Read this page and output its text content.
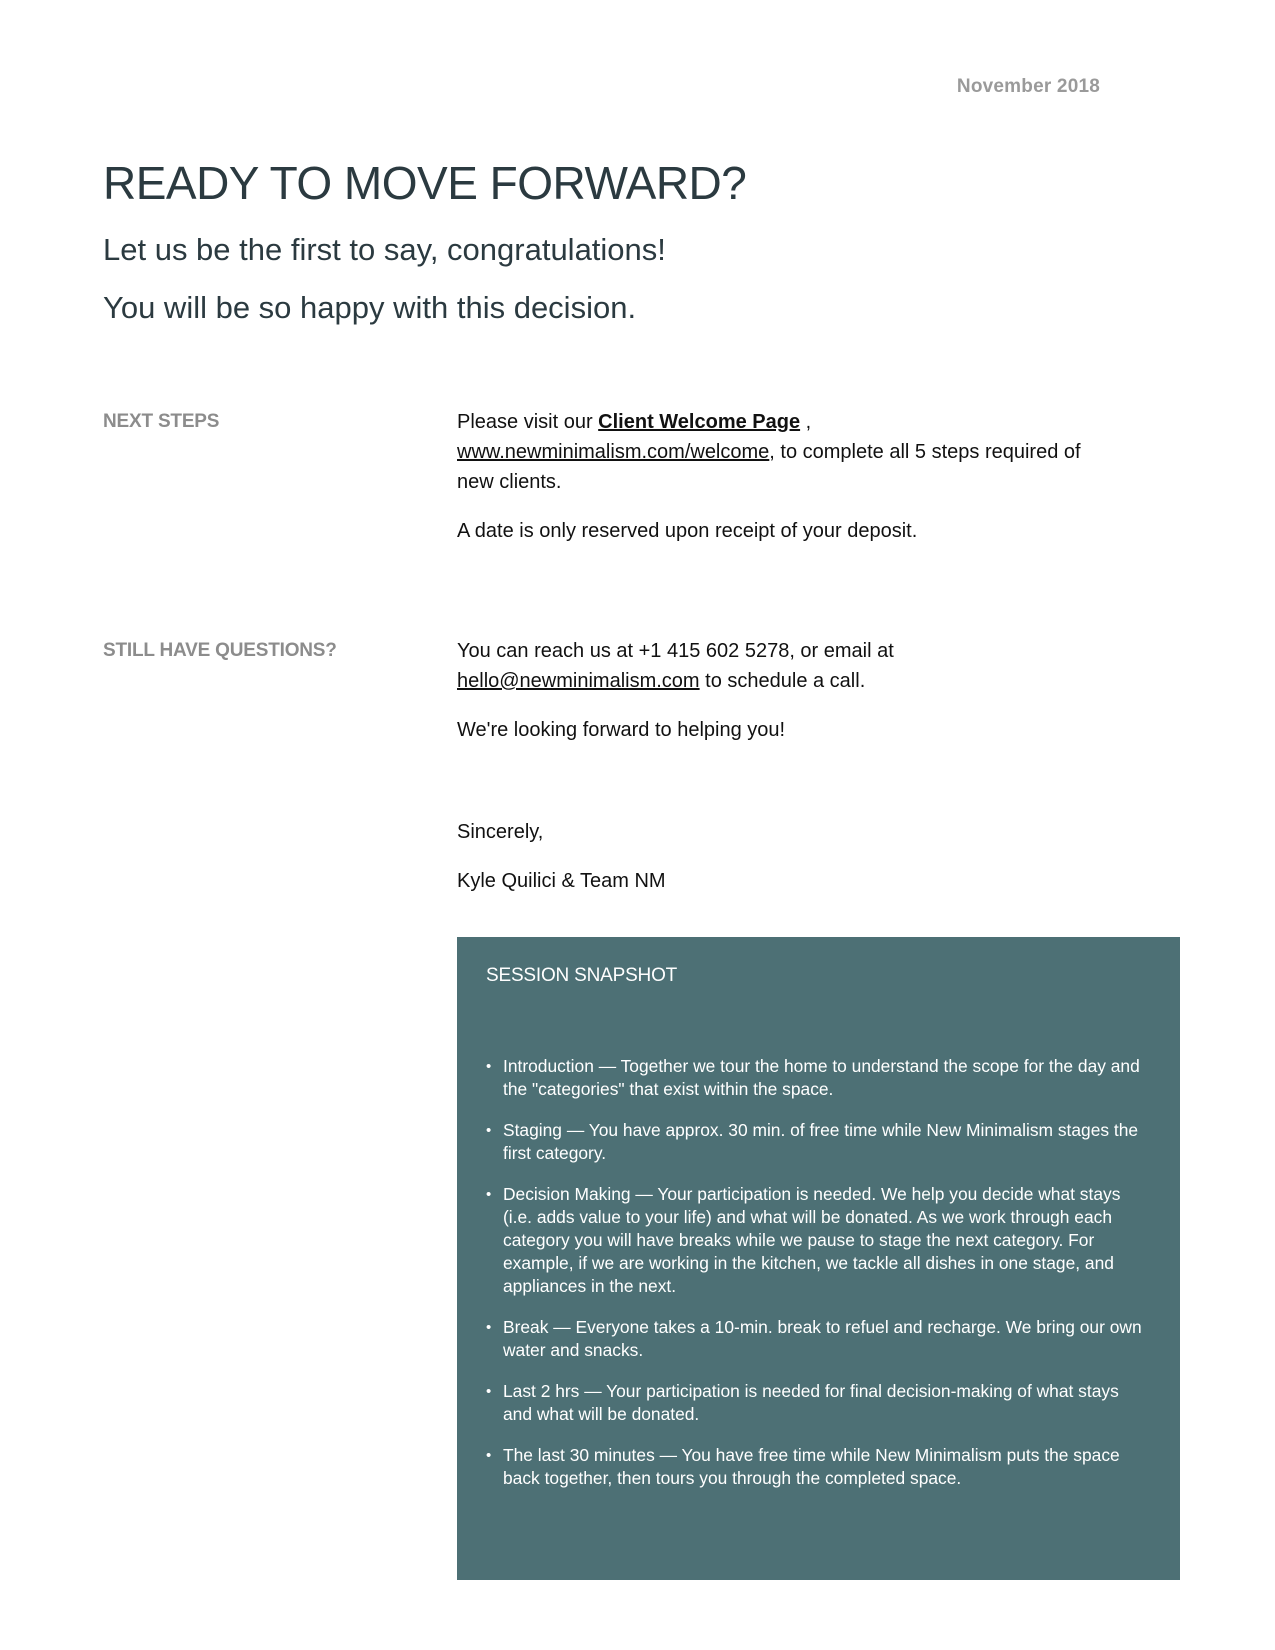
November 2018
READY TO MOVE FORWARD?
Let us be the first to say, congratulations!
You will be so happy with this decision.
NEXT STEPS	Please visit our Client Welcome Page , www.newminimalism.com/welcome, to complete all 5 steps required of new clients.

A date is only reserved upon receipt of your deposit.

STILL HAVE QUESTIONS?	You can reach us at +1 415 602 5278, or email at hello@newminimalism.com to schedule a call.

We're looking forward to helping you!

Sincerely,

Kyle Quilici & Team NM

SESSION SNAPSHOT
• Introduction — Together we tour the home to understand the scope for the day and the "categories" that exist within the space.
• Staging — You have approx. 30 min. of free time while New Minimalism stages the first category.
• Decision Making — Your participation is needed. We help you decide what stays (i.e. adds value to your life) and what will be donated. As we work through each category you will have breaks while we pause to stage the next category. For example, if we are working in the kitchen, we tackle all dishes in one stage, and appliances in the next.
• Break — Everyone takes a 10-min. break to refuel and recharge. We bring our own water and snacks.
• Last 2 hrs — Your participation is needed for final decision-making of what stays and what will be donated.
• The last 30 minutes — You have free time while New Minimalism puts the space back together, then tours you through the completed space.
